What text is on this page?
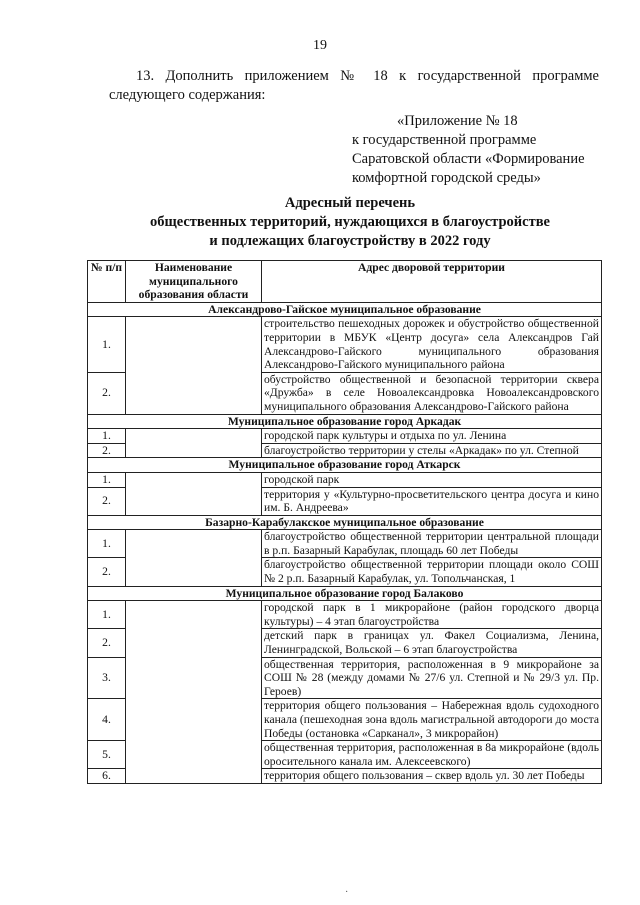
19
13. Дополнить приложением № 18 к государственной программе
следующего содержания:
«Приложение № 18
к государственной программе
Саратовской области «Формирование
комфортной городской среды»
Адресный перечень
общественных территорий, нуждающихся в благоустройстве
и подлежащих благоустройству в 2022 году
№ п/п	Наименование муниципального образования области	Адрес дворовой территории
Александрово-Гайское муниципальное образование		
1.		строительство пешеходных дорожек и обустройство общественной территории в МБУК «Центр досуга» села Александров Гай Александрово-Гайского муниципального образования Александрово-Гайского муниципального района
2.		обустройство общественной и безопасной территории сквера «Дружба» в селе Новоалександровка Новоалександровского муниципального образования Александрово-Гайского района
Муниципальное образование город Аркадак		
1.		городской парк культуры и отдыха по ул. Ленина
2.		благоустройство территории у стелы «Аркадак» по ул. Степной
Муниципальное образование город Аткарск		
1.		городской парк
2.		территория у «Культурно-просветительского центра досуга и кино им. Б. Андреева»
Базарно-Карабулакское муниципальное образование		
1.		благоустройство общественной территории центральной площади в р.п. Базарный Карабулак, площадь 60 лет Победы
2.		благоустройство общественной территории площади около СОШ № 2 р.п. Базарный Карабулак, ул. Топольчанская, 1
Муниципальное образование город Балаково		
1.		городской парк в 1 микрорайоне (район городского дворца культуры) – 4 этап благоустройства
2.		детский парк в границах ул. Факел Социализма, Ленина, Ленинградской, Вольской – 6 этап благоустройства
3.		общественная территория, расположенная в 9 микрорайоне за СОШ № 28 (между домами № 27/6 ул. Степной и № 29/3 ул. Пр. Героев)
4.		территория общего пользования – Набережная вдоль судоходного канала (пешеходная зона вдоль магистральной автодороги до моста Победы (остановка «Сарканал», 3 микрорайон)
5.		общественная территория, расположенная в 8а микрорайоне (вдоль оросительного канала им. Алексеевского)
6.		территория общего пользования – сквер вдоль ул. 30 лет Победы
·
